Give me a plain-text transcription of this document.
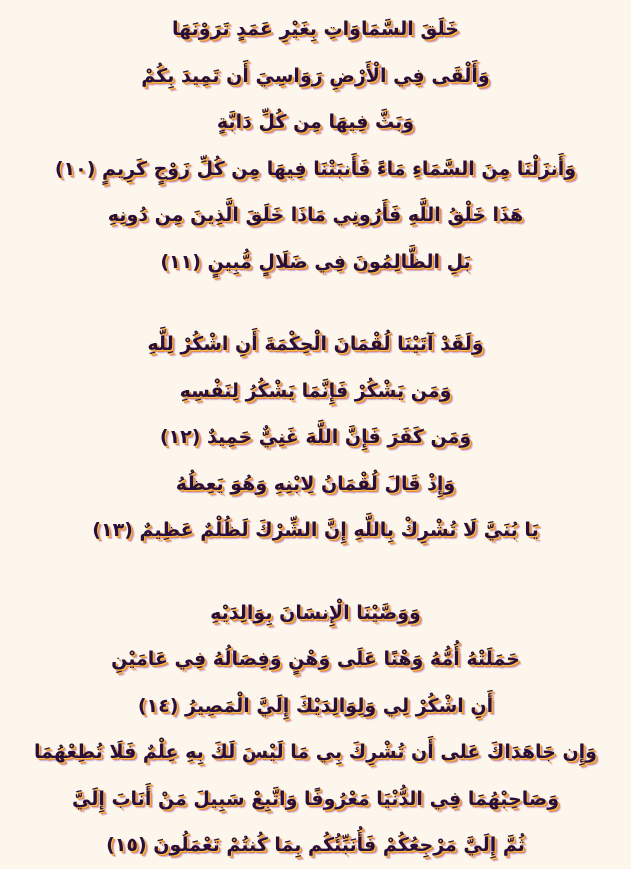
خَلَقَ السَّمَاوَاتِ بِغَيْرِ عَمَدٍ تَرَوْنَهَا
وَأَلْقَى فِي الْأَرْضِ رَوَاسِيَ أَن تَمِيدَ بِكُمْ
وَبَثَّ فِيهَا مِن كُلِّ دَابَّةٍ
وَأَنزَلْنَا مِنَ السَّمَاءِ مَاءً فَأَنبَتْنَا فِيهَا مِن كُلِّ زَوْجٍ كَرِيمٍ (١٠)
هَذَا خَلْقُ اللَّهِ فَأَرُونِي مَاذَا خَلَقَ الَّذِينَ مِن دُونِهِ
بَلِ الظَّالِمُونَ فِي ضَلَالٍ مُّبِينٍ (١١)
وَلَقَدْ آتَيْنَا لُقْمَانَ الْحِكْمَةَ أَنِ اشْكُرْ لِلَّهِ
وَمَن يَشْكُرْ فَإِنَّمَا يَشْكُرُ لِنَفْسِهِ
وَمَن كَفَرَ فَإِنَّ اللَّهَ غَنِيٌّ حَمِيدٌ (١٢)
وَإِذْ قَالَ لُقْمَانُ لِابْنِهِ وَهُوَ يَعِظُهُ
يَا بُنَيَّ لَا تُشْرِكْ بِاللَّهِ إِنَّ الشِّرْكَ لَظُلْمٌ عَظِيمٌ (١٣)
وَوَصَّيْنَا الْإِنسَانَ بِوَالِدَيْهِ
حَمَلَتْهُ أُمُّهُ وَهْنًا عَلَى وَهْنٍ وَفِصَالُهُ فِي عَامَيْنِ
أَنِ اشْكُرْ لِي وَلِوَالِدَيْكَ إِلَيَّ الْمَصِيرُ (١٤)
وَإِن جَاهَدَاكَ عَلى أَن تُشْرِكَ بِي مَا لَيْسَ لَكَ بِهِ عِلْمٌ فَلَا تُطِعْهُمَا
وَصَاحِبْهُمَا فِي الدُّنْيَا مَعْرُوفًا وَاتَّبِعْ سَبِيلَ مَنْ أَنَابَ إِلَيَّ
ثُمَّ إِلَيَّ مَرْجِعُكُمْ فَأُنَبِّئُكُم بِمَا كُنتُمْ تَعْمَلُونَ (١٥)
